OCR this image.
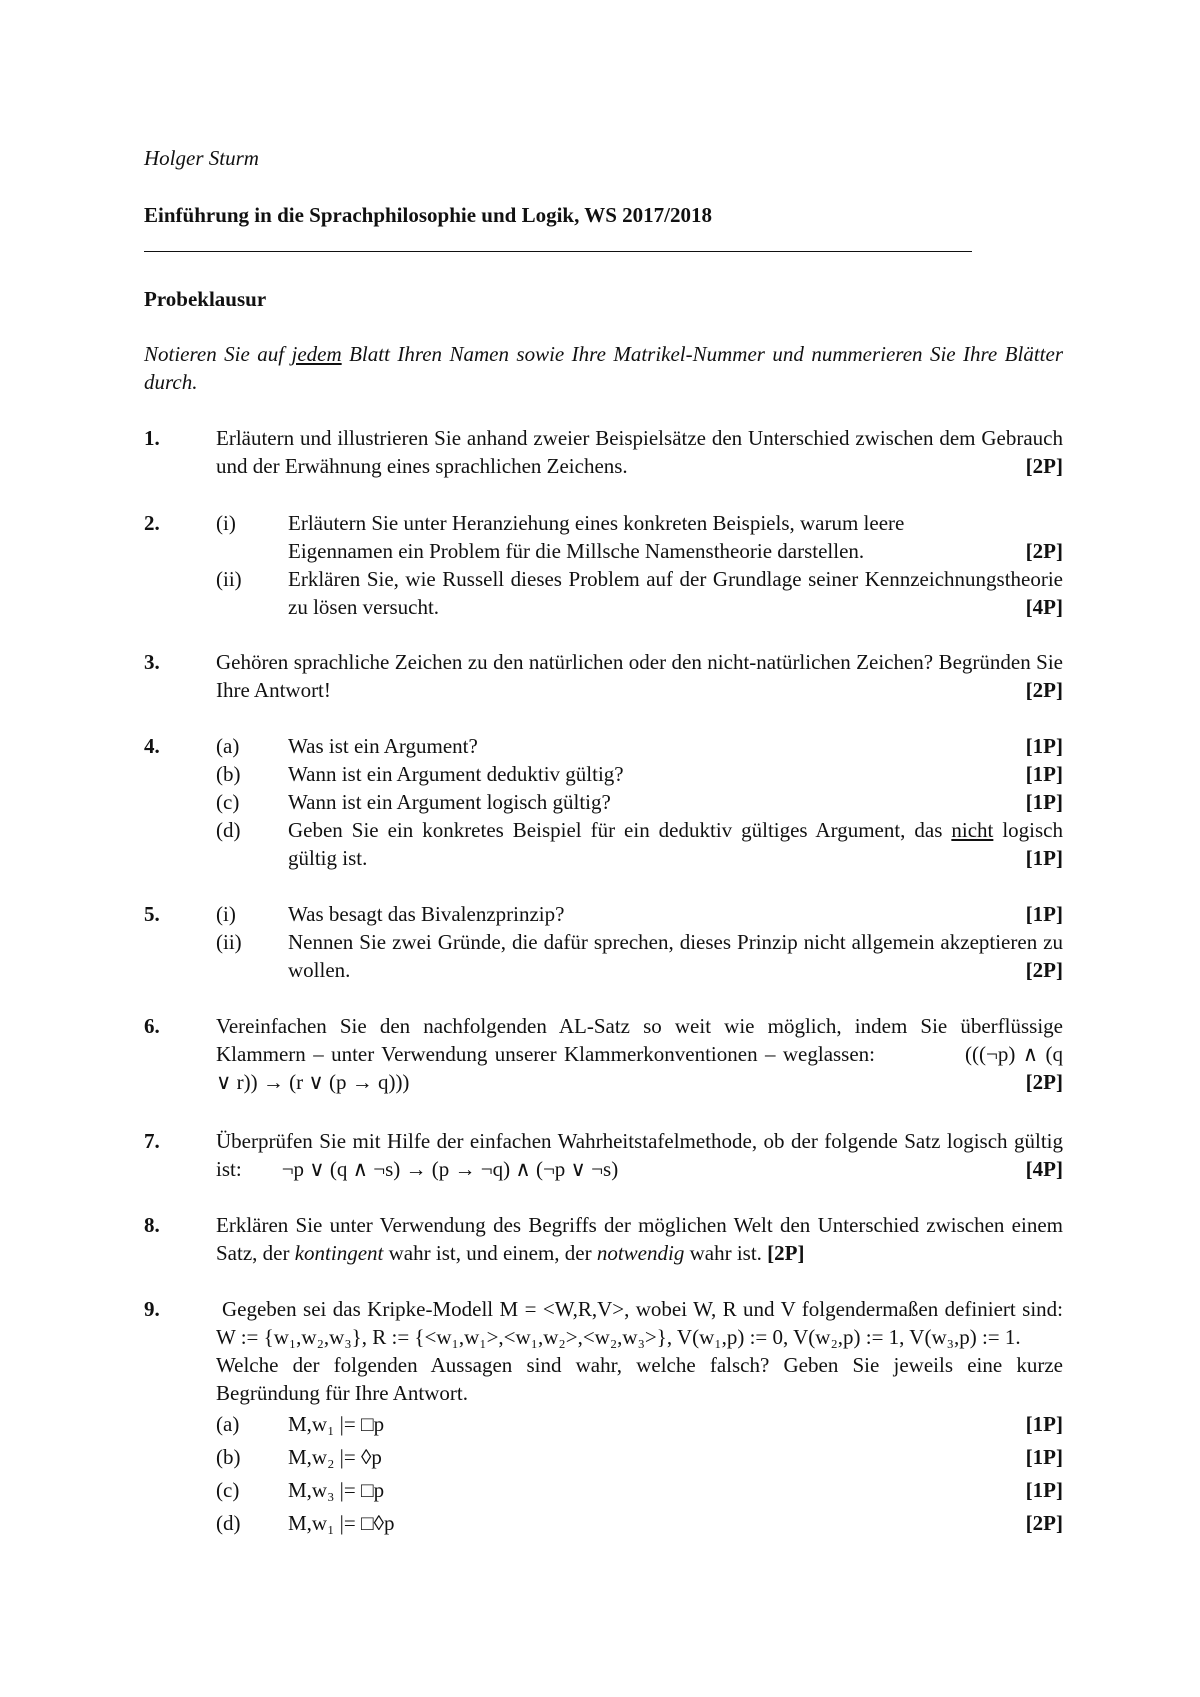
Holger Sturm
Einführung in die Sprachphilosophie und Logik, WS 2017/2018
Probeklausur
Notieren Sie auf jedem Blatt Ihren Namen sowie Ihre Matrikel-Nummer und nummerieren Sie Ihre Blätter durch.
1.	Erläutern und illustrieren Sie anhand zweier Beispielsätze den Unterschied zwischen dem Gebrauch und der Erwähnung eines sprachlichen Zeichens.	[2P]
2.	(i) Erläutern Sie unter Heranziehung eines konkreten Beispiels, warum leere Eigennamen ein Problem für die Millsche Namenstheorie darstellen.	[2P]
(ii) Erklären Sie, wie Russell dieses Problem auf der Grundlage seiner Kennzeichnungstheorie zu lösen versucht.	[4P]
3.	Gehören sprachliche Zeichen zu den natürlichen oder den nicht-natürlichen Zeichen? Begründen Sie Ihre Antwort!	[2P]
4.	(a) Was ist ein Argument?	[1P]
(b) Wann ist ein Argument deduktiv gültig?	[1P]
(c) Wann ist ein Argument logisch gültig?	[1P]
(d) Geben Sie ein konkretes Beispiel für ein deduktiv gültiges Argument, das nicht logisch gültig ist.	[1P]
5.	(i) Was besagt das Bivalenzprinzip?	[1P]
(ii) Nennen Sie zwei Gründe, die dafür sprechen, dieses Prinzip nicht allgemein akzeptieren zu wollen.	[2P]
6.	Vereinfachen Sie den nachfolgenden AL-Satz so weit wie möglich, indem Sie überflüssige Klammern – unter Verwendung unserer Klammerkonventionen – weglassen:	(((¬p) ∧ (q ∨ r)) → (r ∨ (p → q)))	[2P]
7.	Überprüfen Sie mit Hilfe der einfachen Wahrheitstafelmethode, ob der folgende Satz logisch gültig ist: ¬p ∨ (q ∧ ¬s) → (p → ¬q) ∧ (¬p ∨ ¬s)	[4P]
8.	Erklären Sie unter Verwendung des Begriffs der möglichen Welt den Unterschied zwischen einem Satz, der kontingent wahr ist, und einem, der notwendig wahr ist. [2P]
9.	Gegeben sei das Kripke-Modell M = <W,R,V>, wobei W, R und V folgendermaßen definiert sind: W := {w₁,w₂,w₃}, R := {<w₁,w₁>,<w₁,w₂>,<w₂,w₃>}, V(w₁,p) := 0, V(w₂,p) := 1, V(w₃,p) := 1.
Welche der folgenden Aussagen sind wahr, welche falsch? Geben Sie jeweils eine kurze Begründung für Ihre Antwort.
(a) M,w₁ |= □p	[1P]
(b) M,w₂ |= ◊p	[1P]
(c) M,w₃ |= □p	[1P]
(d) M,w₁ |= □◊p	[2P]
